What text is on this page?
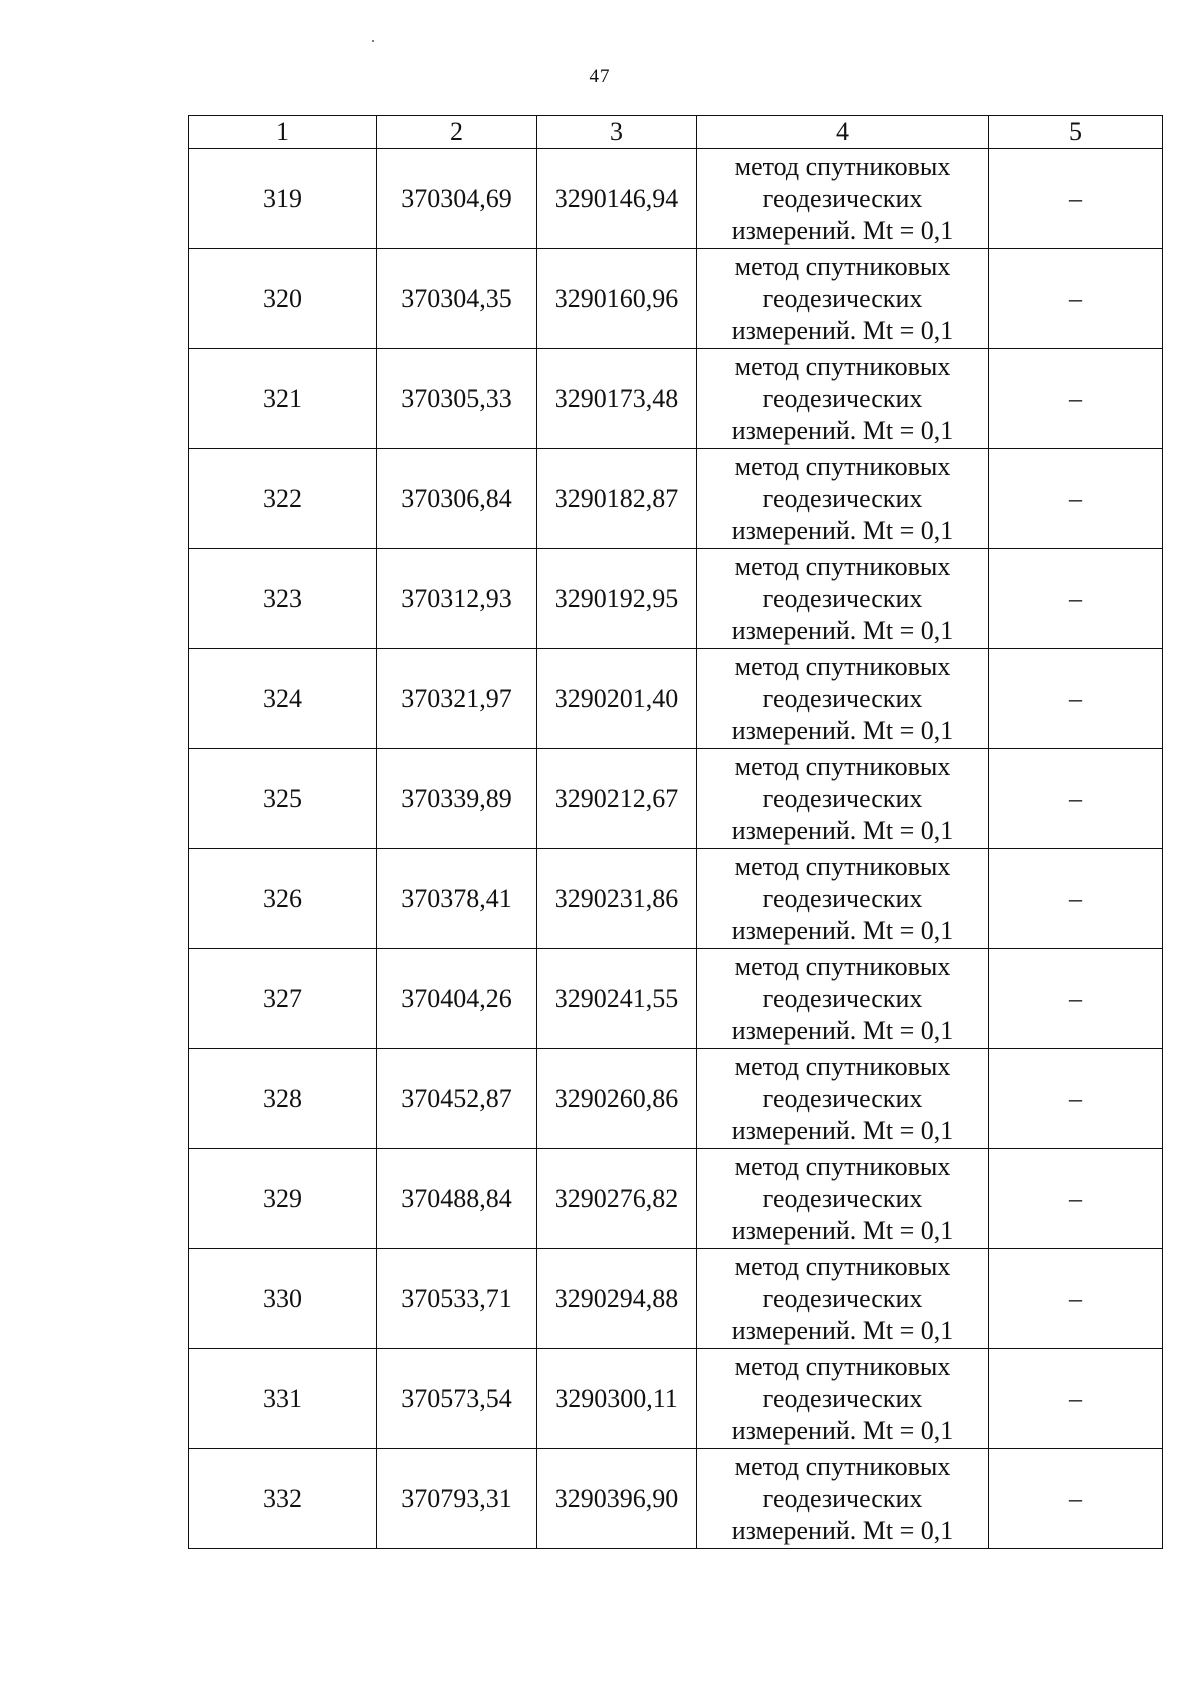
47
1	2	3	4	5
319	370304,69	3290146,94	метод спутниковых
геодезических
измерений. Mt = 0,1	–
320	370304,35	3290160,96	метод спутниковых
геодезических
измерений. Mt = 0,1	–
321	370305,33	3290173,48	метод спутниковых
геодезических
измерений. Mt = 0,1	–
322	370306,84	3290182,87	метод спутниковых
геодезических
измерений. Mt = 0,1	–
323	370312,93	3290192,95	метод спутниковых
геодезических
измерений. Mt = 0,1	–
324	370321,97	3290201,40	метод спутниковых
геодезических
измерений. Mt = 0,1	–
325	370339,89	3290212,67	метод спутниковых
геодезических
измерений. Mt = 0,1	–
326	370378,41	3290231,86	метод спутниковых
геодезических
измерений. Mt = 0,1	–
327	370404,26	3290241,55	метод спутниковых
геодезических
измерений. Mt = 0,1	–
328	370452,87	3290260,86	метод спутниковых
геодезических
измерений. Mt = 0,1	–
329	370488,84	3290276,82	метод спутниковых
геодезических
измерений. Mt = 0,1	–
330	370533,71	3290294,88	метод спутниковых
геодезических
измерений. Mt = 0,1	–
331	370573,54	3290300,11	метод спутниковых
геодезических
измерений. Mt = 0,1	–
332	370793,31	3290396,90	метод спутниковых
геодезических
измерений. Mt = 0,1	–
